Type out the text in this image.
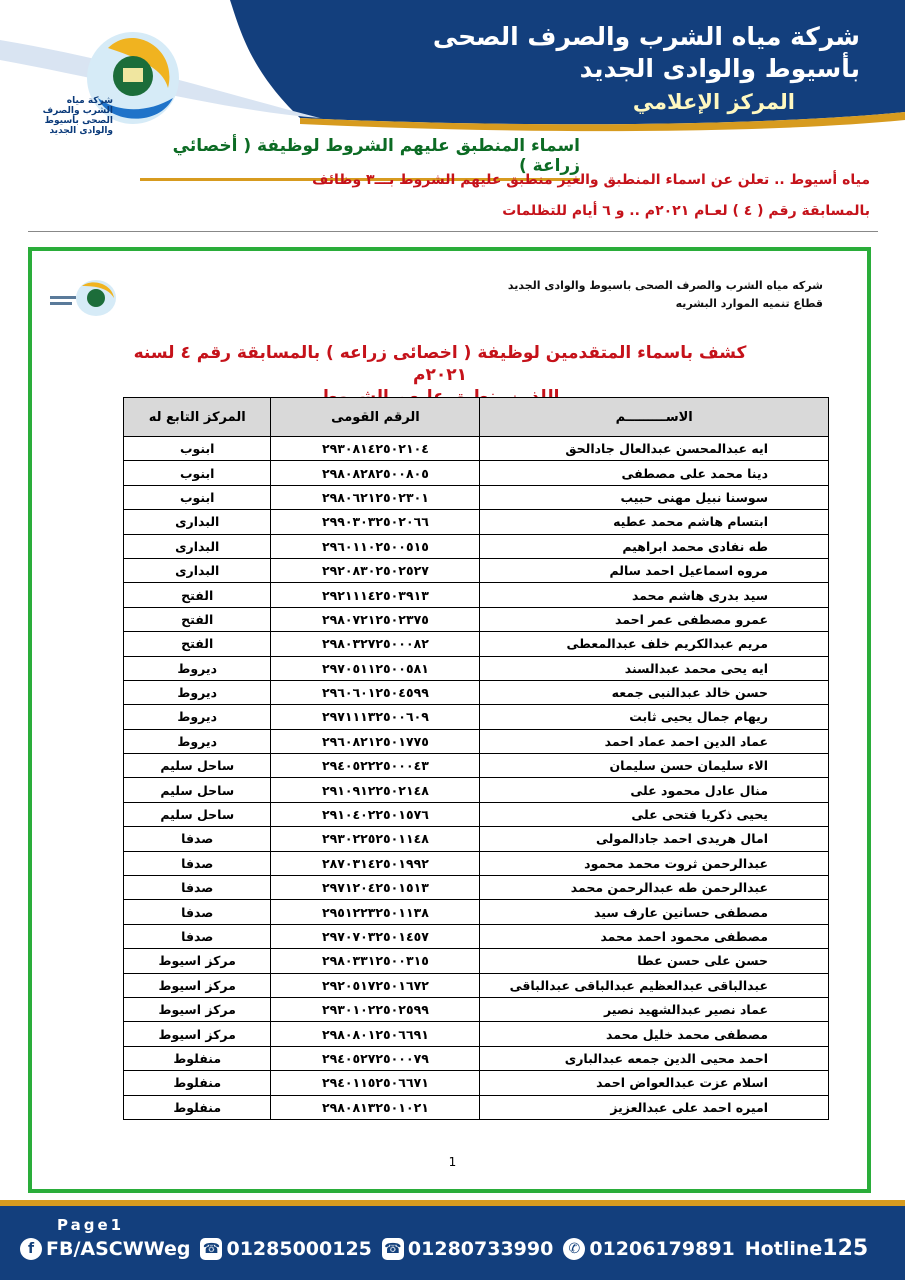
شركة مياه الشرب والصرف الصحى بأسيوط والوادى الجديد
شركة مياه الشرب والصرف الصحى
بأسيوط والوادى الجديد
المركز الإعلامي
اسماء المنطبق عليهم الشروط لوظيفة ( أخصائي زراعة )
مياه أسيوط .. تعلن عن اسماء المنطبق والغير منطبق عليهم الشروط بـــ٣ وظائف
بالمسابقة رقم ( ٤ ) لعـام ٢٠٢١م .. و ٦ أيام للتظلمات
شركه مياه الشرب والصرف الصحى باسيوط والوادى الجديد
قطاع تنميه الموارد البشريه
كشف باسماء المتقدمين لوظيفة ( اخصائى زراعه ) بالمسابقة رقم ٤ لسنه ٢٠٢١م
الاســـــــــم	الرقم القومى	المركز التابع له
ايه عبدالمحسن عبدالعال جادالحق	٢٩٣٠٨١٤٢٥٠٢١٠٤	ابنوب
دينا محمد على مصطفى	٢٩٨٠٨٢٨٢٥٠٠٨٠٥	ابنوب
سوسنا نبيل مهنى حبيب	٢٩٨٠٦٢١٢٥٠٢٣٠١	ابنوب
ابتسام هاشم محمد عطيه	٢٩٩٠٣٠٣٢٥٠٢٠٦٦	البدارى
طه نفادى محمد ابراهيم	٢٩٦٠١١٠٢٥٠٠٥١٥	البدارى
مروه اسماعيل احمد سالم	٢٩٢٠٨٣٠٢٥٠٢٥٢٧	البدارى
سيد بدرى هاشم محمد	٢٩٢١١١٤٢٥٠٣٩١٣	الفتح
عمرو مصطفى عمر احمد	٢٩٨٠٧٢١٢٥٠٢٣٧٥	الفتح
مريم عبدالكريم خلف عبدالمعطى	٢٩٨٠٣٢٧٢٥٠٠٠٨٢	الفتح
ايه يحى محمد عبدالسند	٢٩٧٠٥١١٢٥٠٠٥٨١	ديروط
حسن خالد عبدالنبى جمعه	٢٩٦٠٦٠١٢٥٠٤٥٩٩	ديروط
ريهام جمال يحيى ثابت	٢٩٧١١١٣٢٥٠٠٦٠٩	ديروط
عماد الدين احمد عماد احمد	٢٩٦٠٨٢١٢٥٠١٧٧٥	ديروط
الاء سليمان حسن سليمان	٢٩٤٠٥٢٢٢٥٠٠٠٤٣	ساحل سليم
منال عادل محمود على	٢٩١٠٩١٢٢٥٠٢١٤٨	ساحل سليم
يحيى ذكريا فتحى على	٢٩١٠٤٠٢٢٥٠١٥٧٦	ساحل سليم
امال هريدى احمد جادالمولى	٢٩٣٠٢٢٥٢٥٠١١٤٨	صدفا
عبدالرحمن ثروت محمد محمود	٢٨٧٠٣١٤٢٥٠١٩٩٢	صدفا
عبدالرحمن طه عبدالرحمن محمد	٢٩٧١٢٠٤٢٥٠١٥١٣	صدفا
مصطفى حسانين عارف سيد	٢٩٥١٢٢٣٢٥٠١١٣٨	صدفا
مصطفى محمود احمد محمد	٢٩٧٠٧٠٣٢٥٠١٤٥٧	صدفا
حسن على حسن عطا	٢٩٨٠٣٣١٢٥٠٠٣١٥	مركز اسيوط
عبدالباقى عبدالعظيم عبدالباقى عبدالباقى	٢٩٢٠٥١٧٢٥٠١٦٧٢	مركز اسيوط
عماد نصير عبدالشهيد نصير	٢٩٣٠١٠٢٢٥٠٢٥٩٩	مركز اسيوط
مصطفى محمد خليل محمد	٢٩٨٠٨٠١٢٥٠٦٦٩١	مركز اسيوط
احمد محيى الدين جمعه عبدالبارى	٢٩٤٠٥٢٧٢٥٠٠٠٧٩	منفلوط
اسلام عزت عبدالعواض احمد	٢٩٤٠١١٥٢٥٠٦٦٧١	منفلوط
اميره احمد على عبدالعزيز	٢٩٨٠٨١٣٢٥٠١٠٢١	منفلوط
1
Page1
f FB/ASCWWeg ☎ 01285000125 ☎ 01280733990	✆ 01206179891 Hotline 125
